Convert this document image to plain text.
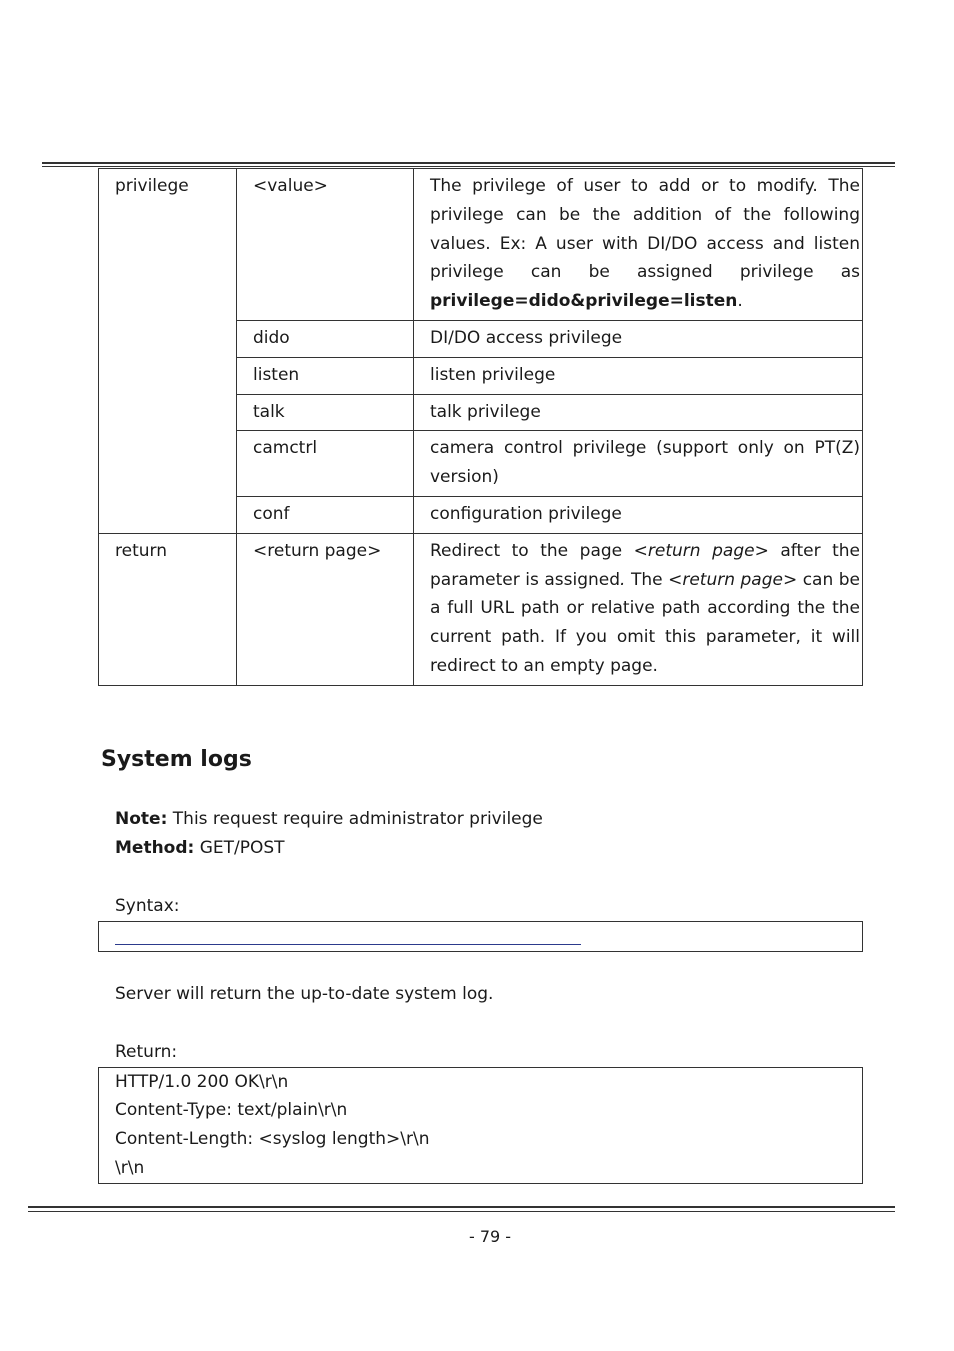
privilege	<value>	The privilege of user to add or to modify. The privilege can be the addition of the following values. Ex: A user with DI/DO access and listen privilege can be assigned privilege as privilege=dido&privilege=listen.
	dido	DI/DO access privilege
	listen	listen privilege
	talk	talk privilege
	camctrl	camera control privilege (support only on PT(Z) version)
	conf	configuration privilege
return	<return page>	Redirect to the page <return page> after the parameter is assigned. The <return page> can be a full URL path or relative path according the the current path. If you omit this parameter, it will redirect to an empty page.
System logs
Note: This request require administrator privilege
Method: GET/POST
Syntax:
Server will return the up-to-date system log.
Return:
HTTP/1.0 200 OK\r\n
Content-Type: text/plain\r\n
Content-Length: <syslog length>\r\n
\r\n
- 79 -
